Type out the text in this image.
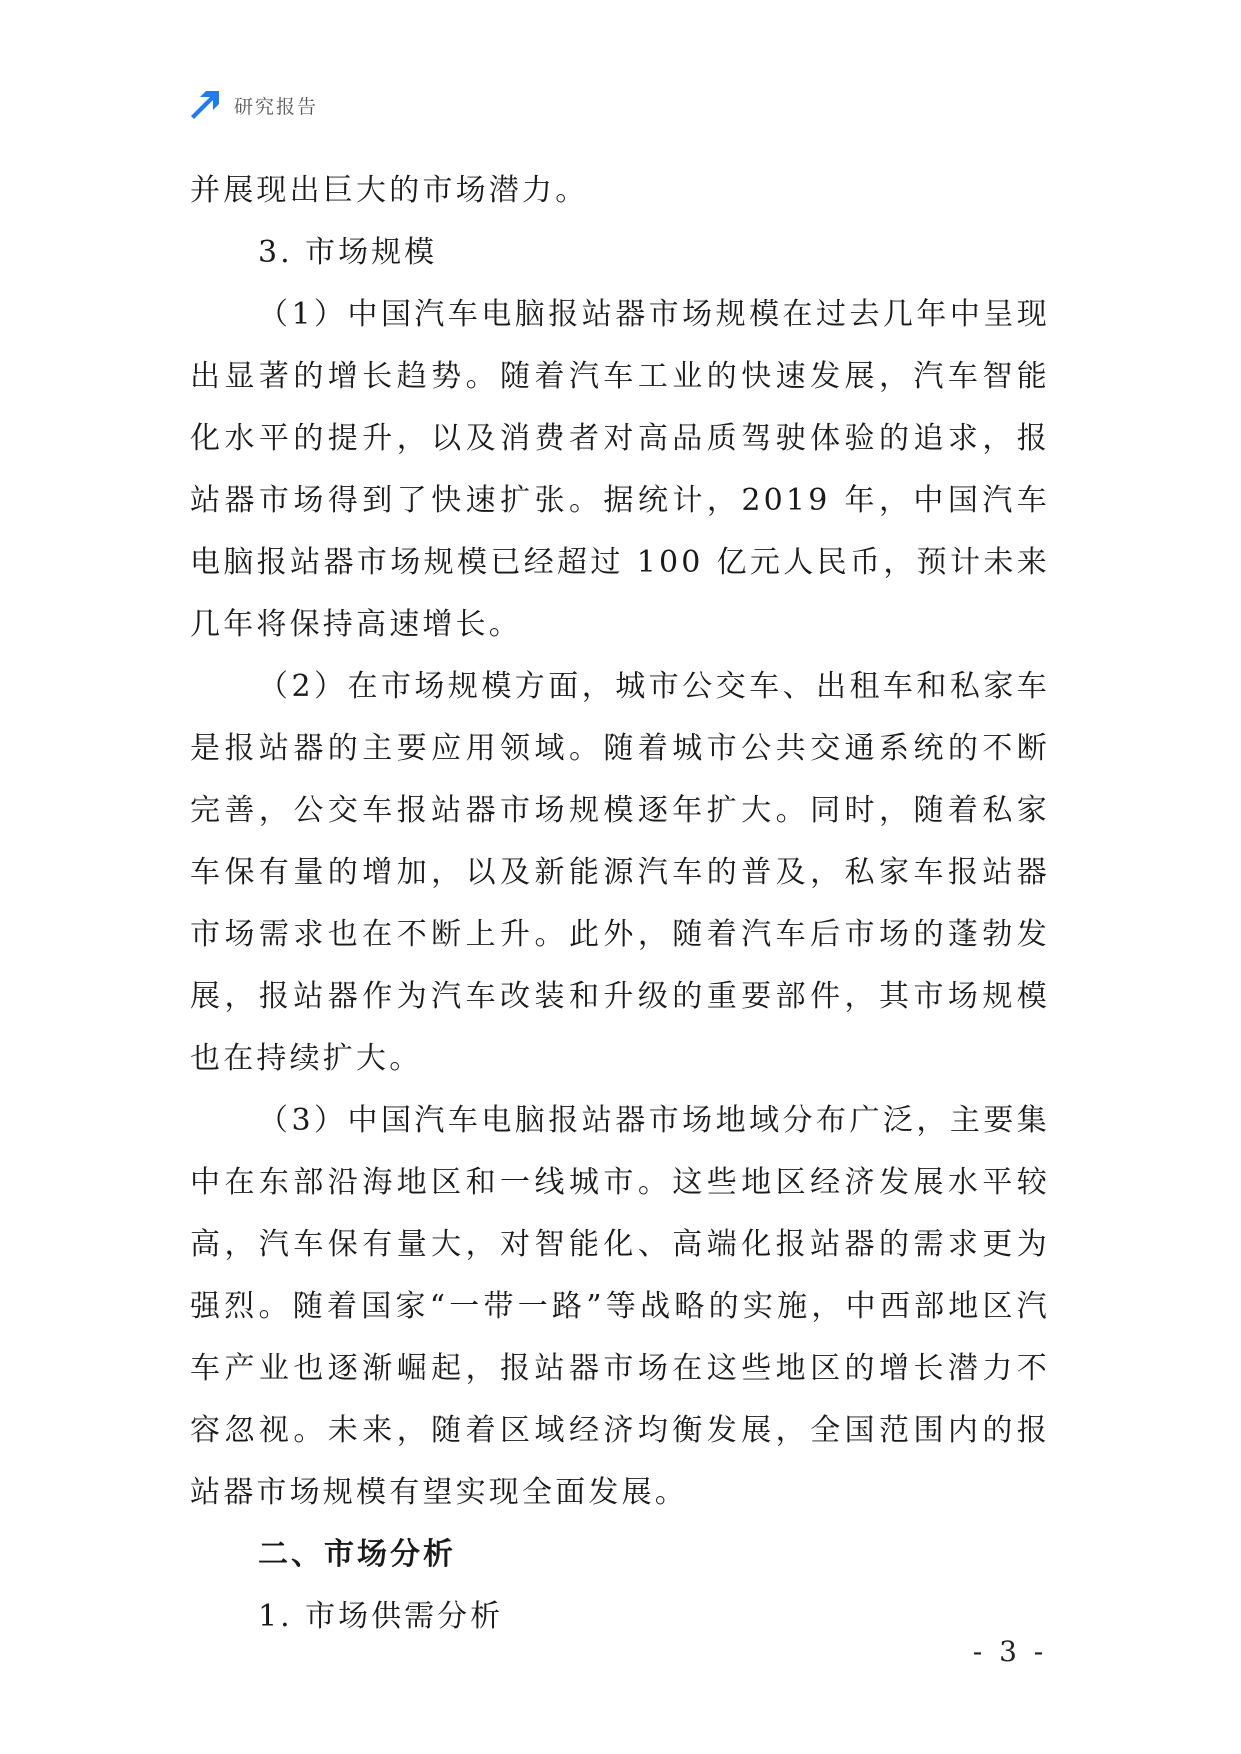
研究报告

并展现出巨大的市场潜力。

3. 市场规模

（1）中国汽车电脑报站器市场规模在过去几年中呈现出显著的增长趋势。随着汽车工业的快速发展，汽车智能化水平的提升，以及消费者对高品质驾驶体验的追求，报站器市场得到了快速扩张。据统计，2019 年，中国汽车电脑报站器市场规模已经超过 100 亿元人民币，预计未来几年将保持高速增长。

（2）在市场规模方面，城市公交车、出租车和私家车是报站器的主要应用领域。随着城市公共交通系统的不断完善，公交车报站器市场规模逐年扩大。同时，随着私家车保有量的增加，以及新能源汽车的普及，私家车报站器市场需求也在不断上升。此外，随着汽车后市场的蓬勃发展，报站器作为汽车改装和升级的重要部件，其市场规模也在持续扩大。

（3）中国汽车电脑报站器市场地域分布广泛，主要集中在东部沿海地区和一线城市。这些地区经济发展水平较高，汽车保有量大，对智能化、高端化报站器的需求更为强烈。随着国家“一带一路”等战略的实施，中西部地区汽车产业也逐渐崛起，报站器市场在这些地区的增长潜力不容忽视。未来，随着区域经济均衡发展，全国范围内的报站器市场规模有望实现全面发展。

二、市场分析

1. 市场供需分析

- 3 -
